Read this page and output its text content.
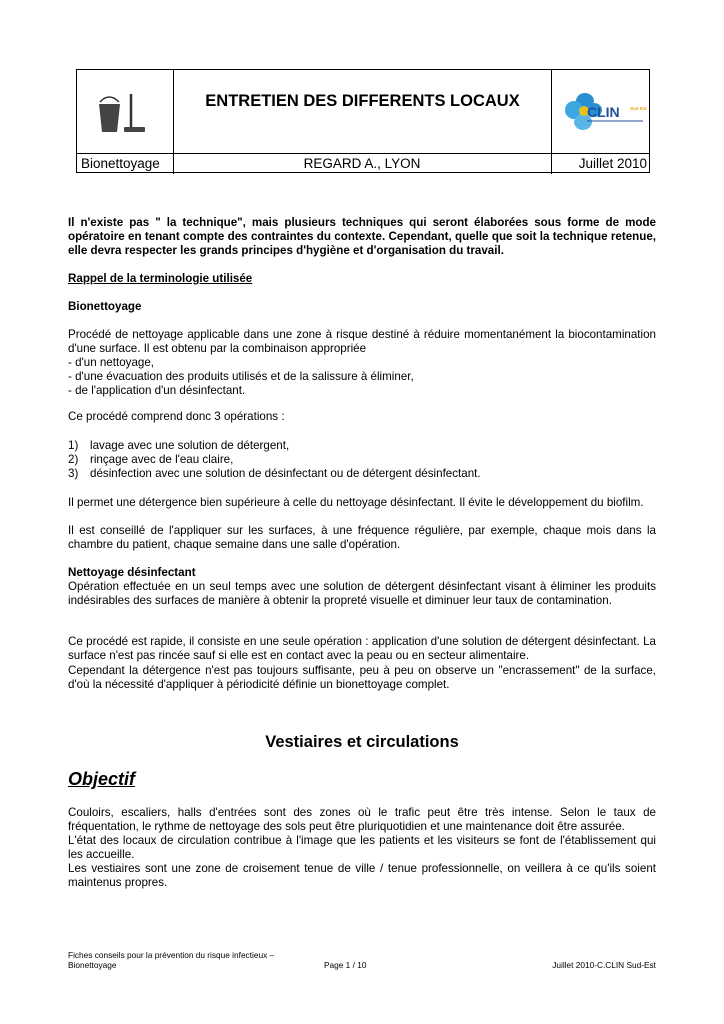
ENTRETIEN DES DIFFERENTS LOCAUX
CLIN Sud Est
Bionettoyage	REGARD A., LYON	Juillet 2010
Il n'existe pas " la technique", mais plusieurs techniques qui seront élaborées sous forme de mode opératoire en tenant compte des contraintes du contexte. Cependant, quelle que soit la technique retenue, elle devra respecter les grands principes d'hygiène et d'organisation du travail.
Rappel de la terminologie utilisée
Bionettoyage
Procédé de nettoyage applicable dans une zone à risque destiné à réduire momentanément la biocontamination d'une surface. Il est obtenu par la combinaison appropriée
- d'un nettoyage,
- d'une évacuation des produits utilisés et de la salissure à éliminer,
- de l'application d'un désinfectant.
Ce procédé comprend donc 3 opérations :
1)	lavage avec une solution de détergent,
2)	rinçage avec de l'eau claire,
3)	désinfection avec une solution de désinfectant ou de détergent désinfectant.
Il permet une détergence bien supérieure à celle du nettoyage désinfectant. Il évite le développement du biofilm.
Il est conseillé de l'appliquer sur les surfaces, à une fréquence régulière, par exemple, chaque mois dans la chambre du patient, chaque semaine dans une salle d'opération.
Nettoyage désinfectant
Opération effectuée en un seul temps avec une solution de détergent désinfectant visant à éliminer les produits indésirables des surfaces de manière à obtenir la propreté visuelle et diminuer leur taux de contamination.
Ce procédé est rapide, il consiste en une seule opération : application d'une solution de détergent désinfectant. La surface n'est pas rincée sauf si elle est en contact avec la peau ou en secteur alimentaire.
Cependant la détergence n'est pas toujours suffisante, peu à peu on observe un "encrassement" de la surface, d'où la nécessité d'appliquer à périodicité définie un bionettoyage complet.
Vestiaires et circulations
Objectif
Couloirs, escaliers, halls d'entrées sont des zones où le trafic peut être très intense. Selon le taux de fréquentation, le rythme de nettoyage des sols peut être pluriquotidien et une maintenance doit être assurée.
L'état des locaux de circulation contribue à l'image que les patients et les visiteurs se font de l'établissement qui les accueille.
Les vestiaires sont une zone de croisement tenue de ville / tenue professionnelle, on veillera à ce qu'ils soient maintenus propres.
Fiches conseils pour la prévention du risque infectieux –
Bionettoyage	Page 1 / 10	Juillet 2010-C.CLIN Sud-Est
